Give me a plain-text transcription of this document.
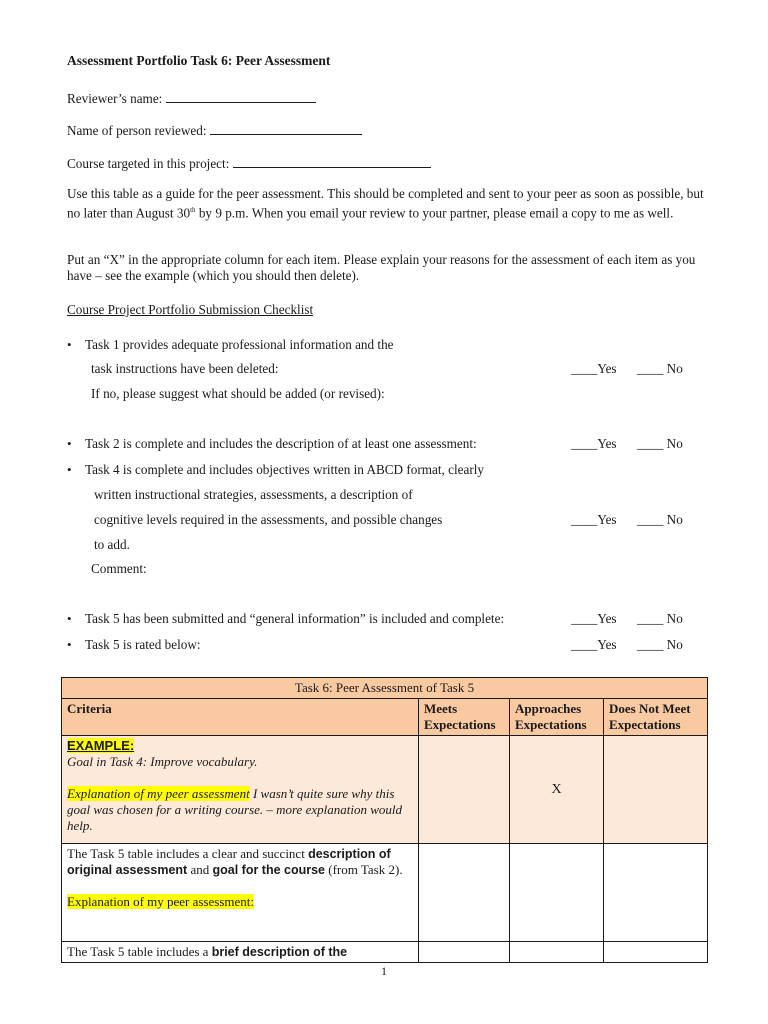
Assessment Portfolio Task 6: Peer Assessment
Reviewer’s name:
Name of person reviewed:
Course targeted in this project:
Use this table as a guide for the peer assessment. This should be completed and sent to your peer as soon as possible, but no later than August 30th by 9 p.m. When you email your review to your partner, please email a copy to me as well.
Put an “X” in the appropriate column for each item. Please explain your reasons for the assessment of each item as you have – see the example (which you should then delete).
Course Project Portfolio Submission Checklist
• Task 1 provides adequate professional information and the
task instructions have been deleted:	____Yes ____ No
If no, please suggest what should be added (or revised):
• Task 2 is complete and includes the description of at least one assessment:	____Yes ____ No
• Task 4 is complete and includes objectives written in ABCD format, clearly
written instructional strategies, assessments, a description of
cognitive levels required in the assessments, and possible changes	____Yes ____ No
to add.
Comment:
• Task 5 has been submitted and “general information” is included and complete:	____Yes ____ No
• Task 5 is rated below:	____Yes ____ No
Task 6: Peer Assessment of Task 5			
Criteria	Meets Expectations	Approaches Expectations	Does Not Meet Expectations

EXAMPLE:
Goal in Task 4: Improve vocabulary.
Explanation of my peer assessment I wasn’t quite sure why this goal was chosen for a writing course. – more explanation would help.		X	

The Task 5 table includes a clear and succinct description of original assessment and goal for the course (from Task 2).
Explanation of my peer assessment:			

The Task 5 table includes a brief description of the			
1
